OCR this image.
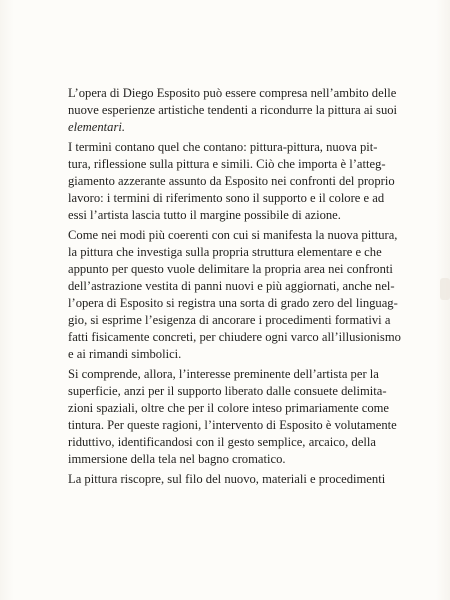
L’opera di Diego Esposito può essere compresa nell’ambito delle
nuove esperienze artistiche tendenti a ricondurre la pittura ai suoi
elementari.

I termini contano quel che contano: pittura-pittura, nuova pit-
tura, riflessione sulla pittura e simili. Ciò che importa è l’atteg-
giamento azzerante assunto da Esposito nei confronti del proprio
lavoro: i termini di riferimento sono il supporto e il colore e ad
essi l’artista lascia tutto il margine possibile di azione.

Come nei modi più coerenti con cui si manifesta la nuova pittura,
la pittura che investiga sulla propria struttura elementare e che
appunto per questo vuole delimitare la propria area nei confronti
dell’astrazione vestita di panni nuovi e più aggiornati, anche nel-
l’opera di Esposito si registra una sorta di grado zero del linguag-
gio, si esprime l’esigenza di ancorare i procedimenti formativi a
fatti fisicamente concreti, per chiudere ogni varco all’illusionismo
e ai rimandi simbolici.

Si comprende, allora, l’interesse preminente dell’artista per la
superficie, anzi per il supporto liberato dalle consuete delimita-
zioni spaziali, oltre che per il colore inteso primariamente come
tintura. Per queste ragioni, l’intervento di Esposito è volutamente
riduttivo, identificandosi con il gesto semplice, arcaico, della
immersione della tela nel bagno cromatico.

La pittura riscopre, sul filo del nuovo, materiali e procedimenti
